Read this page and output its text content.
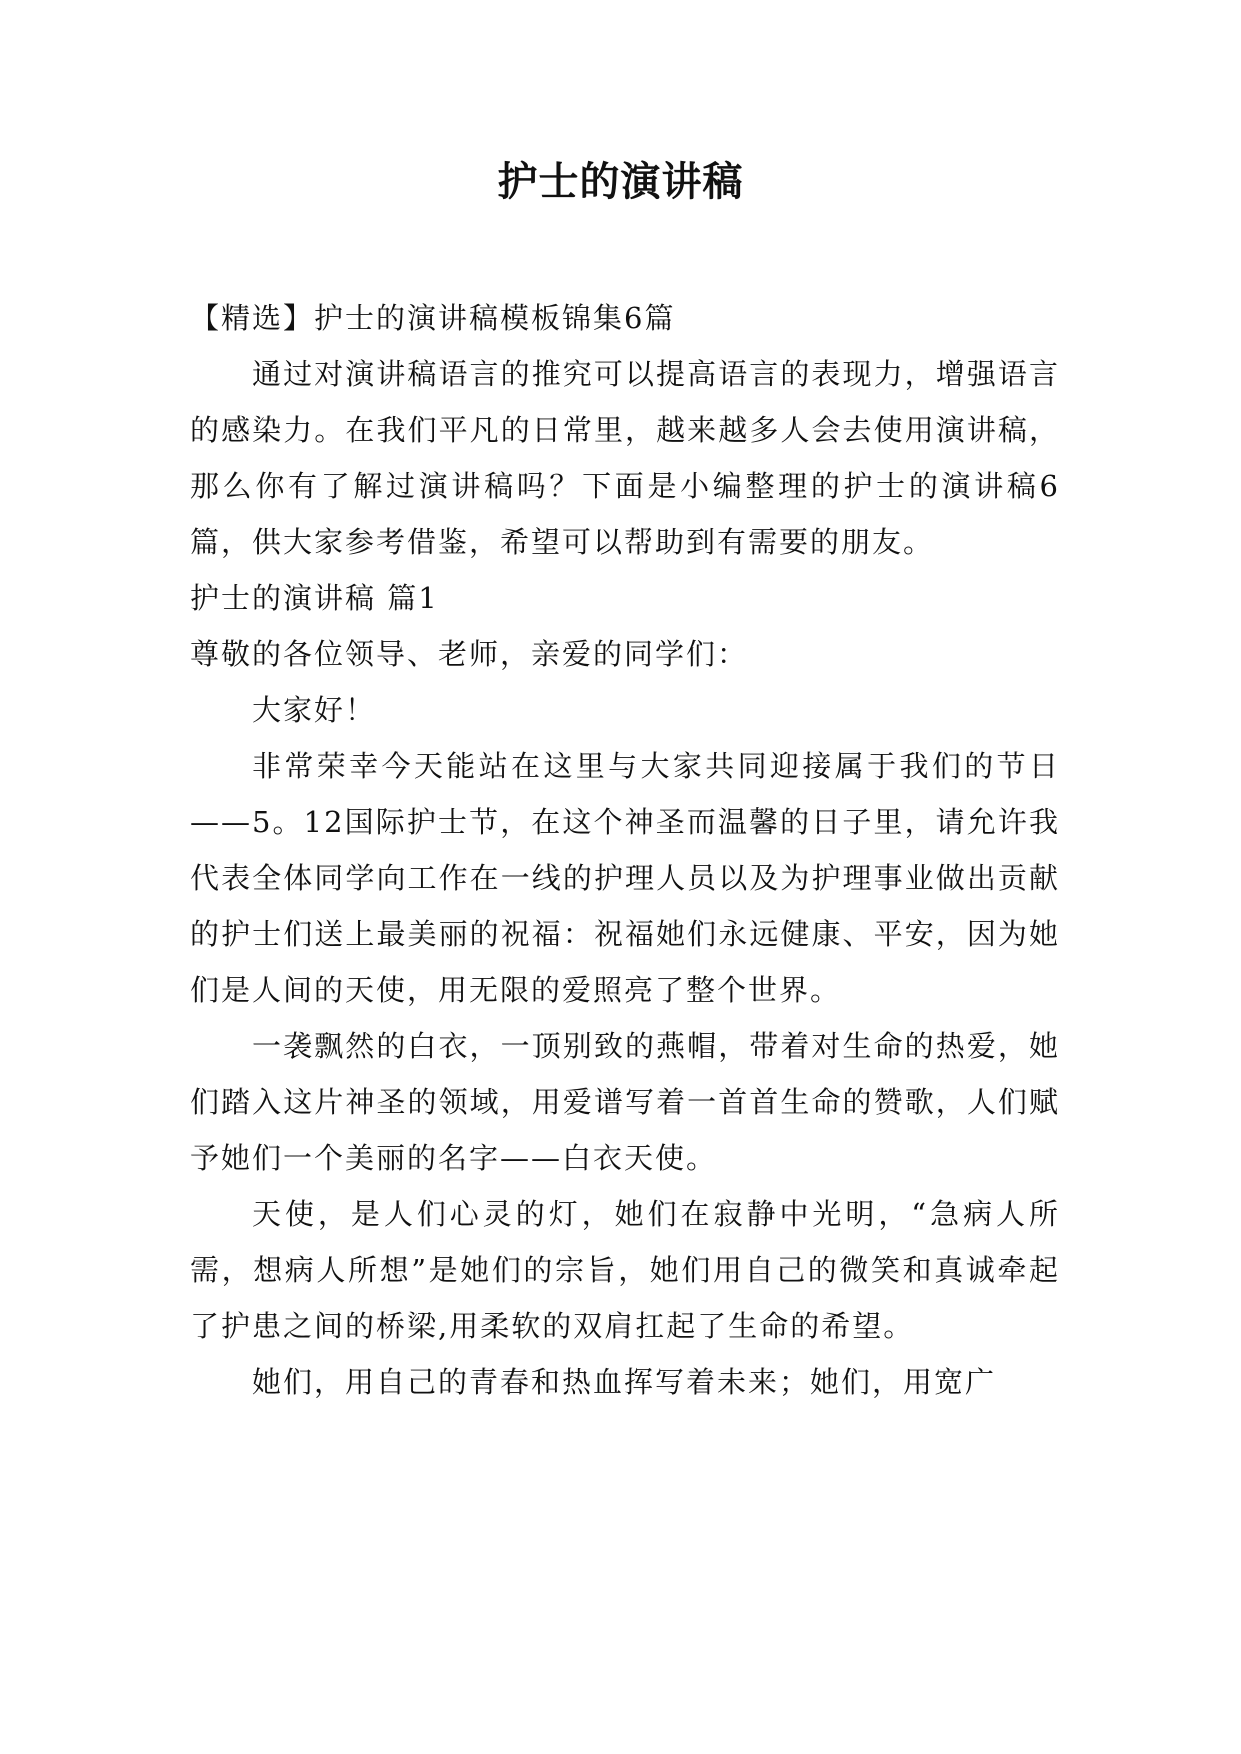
护士的演讲稿

【精选】护士的演讲稿模板锦集6篇

通过对演讲稿语言的推究可以提高语言的表现力，增强语言的感染力。在我们平凡的日常里，越来越多人会去使用演讲稿，那么你有了解过演讲稿吗？下面是小编整理的护士的演讲稿6篇，供大家参考借鉴，希望可以帮助到有需要的朋友。

护士的演讲稿 篇1

尊敬的各位领导、老师，亲爱的同学们：

大家好！

非常荣幸今天能站在这里与大家共同迎接属于我们的节日——5。12国际护士节，在这个神圣而温馨的日子里，请允许我代表全体同学向工作在一线的护理人员以及为护理事业做出贡献的护士们送上最美丽的祝福：祝福她们永远健康、平安，因为她们是人间的天使，用无限的爱照亮了整个世界。

一袭飘然的白衣，一顶别致的燕帽，带着对生命的热爱，她们踏入这片神圣的领域，用爱谱写着一首首生命的赞歌，人们赋予她们一个美丽的名字——白衣天使。

天使，是人们心灵的灯，她们在寂静中光明，“急病人所需，想病人所想”是她们的宗旨，她们用自己的微笑和真诚牵起了护患之间的桥梁,用柔软的双肩扛起了生命的希望。

她们，用自己的青春和热血挥写着未来；她们，用宽广
